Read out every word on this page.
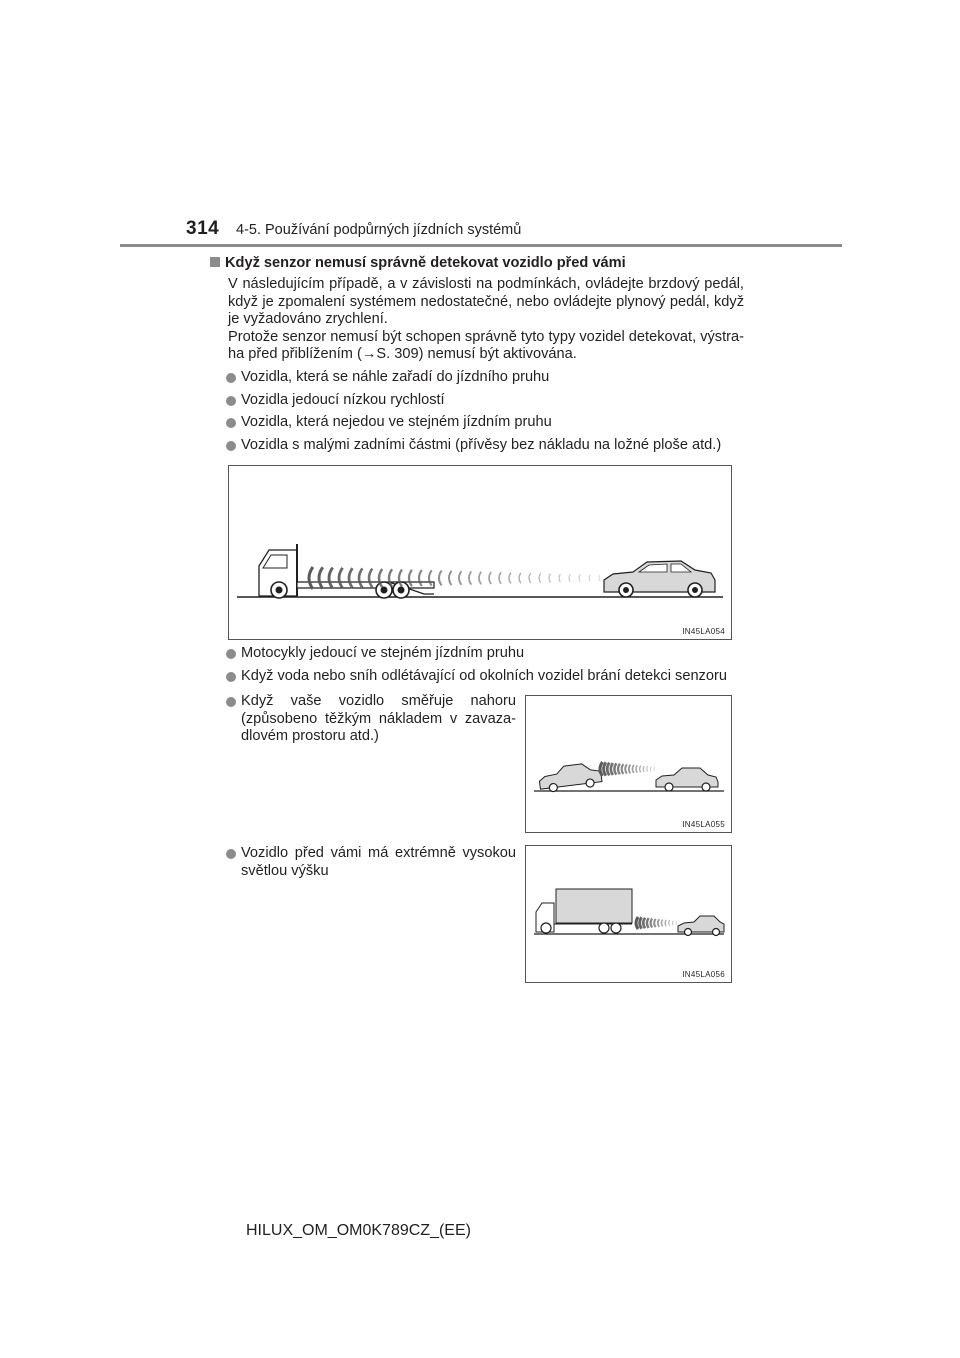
314 4-5. Používání podpůrných jízdních systémů
Když senzor nemusí správně detekovat vozidlo před vámi

V následujícím případě, a v závislosti na podmínkách, ovládejte brzdový pedál, když je zpomalení systémem nedostatečné, nebo ovládejte plynový pedál, když je vyžadováno zrychlení.

Protože senzor nemusí být schopen správně tyto typy vozidel detekovat, výstra- ha před přiblížením (→S. 309) nemusí být aktivována.

Vozidla, která se náhle zařadí do jízdního pruhu
Vozidla jedoucí nízkou rychlostí
Vozidla, která nejedou ve stejném jízdním pruhu
Vozidla s malými zadními částmi (přívěsy bez nákladu na ložné ploše atd.)
IN45LA054
Motocykly jedoucí ve stejném jízdním pruhu
Když voda nebo sníh odlétávající od okolních vozidel brání detekci senzoru
Když vaše vozidlo směřuje nahoru (způsobeno těžkým nákladem v zavaza- dlovém prostoru atd.)
IN45LA055
Vozidlo před vámi má extrémně vysokou světlou výšku
IN45LA056
HILUX_OM_OM0K789CZ_(EE)
